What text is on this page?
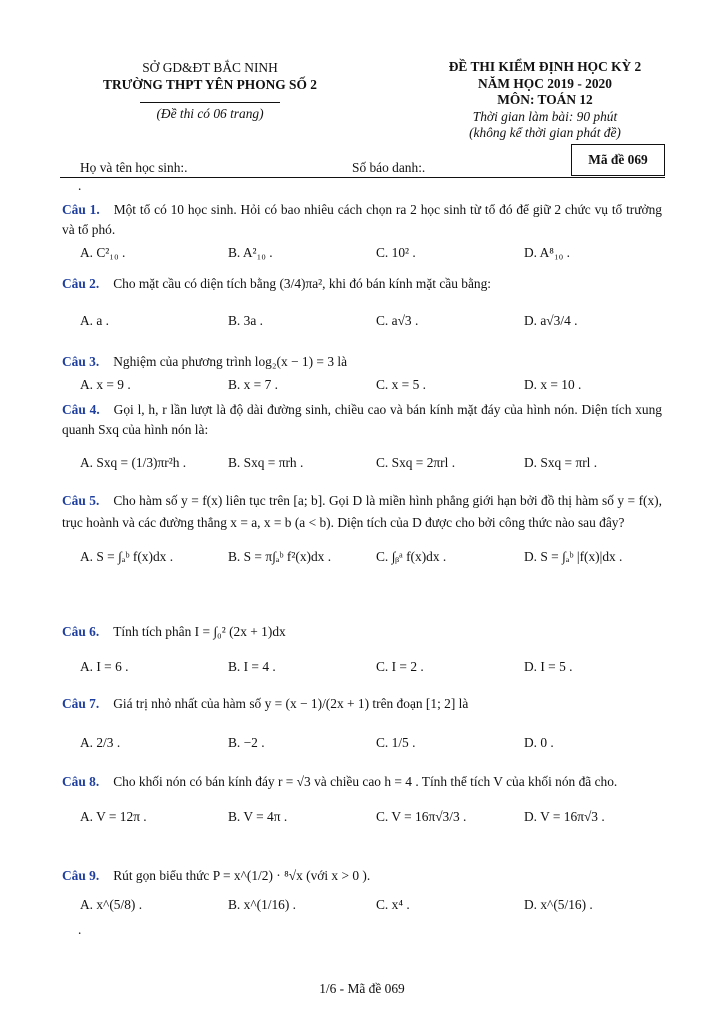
SỞ GD&ĐT BẮC NINH
TRƯỜNG THPT YÊN PHONG SỐ 2
(Đề thi có 06 trang)
ĐỀ THI KIỂM ĐỊNH HỌC KỲ 2
NĂM HỌC 2019 - 2020
MÔN: TOÁN 12
Thời gian làm bài: 90 phút
(không kể thời gian phát đề)
Họ và tên học sinh:.	Số báo danh:.
Mã đề 069
.
Câu 1. Một tổ có 10 học sinh. Hỏi có bao nhiêu cách chọn ra 2 học sinh từ tổ đó để giữ 2 chức vụ tổ trưởng và tổ phó.
A. C²₁₀ .	B. A²₁₀ .	C. 10² .	D. A⁸₁₀ .
Câu 2. Cho mặt cầu có diện tích bằng (3/4)πa², khi đó bán kính mặt cầu bằng:
A. a .	B. 3a .	C. a√3 .	D. a√3/4 .
Câu 3. Nghiệm của phương trình log₂(x − 1) = 3 là
A. x = 9 .	B. x = 7 .	C. x = 5 .	D. x = 10 .
Câu 4. Gọi l, h, r lần lượt là độ dài đường sinh, chiều cao và bán kính mặt đáy của hình nón. Diện tích xung quanh Sxq của hình nón là:
A. Sxq = (1/3)πr²h .	B. Sxq = πrh .	C. Sxq = 2πrl .	D. Sxq = πrl .
Câu 5. Cho hàm số y = f(x) liên tục trên [a; b]. Gọi D là miền hình phẳng giới hạn bởi đồ thị hàm số y = f(x), trục hoành và các đường thẳng x = a, x = b (a < b). Diện tích của D được cho bởi công thức nào sau đây?
A. S = ∫ₐᵇ f(x)dx .	B. S = π∫ₐᵇ f²(x)dx .	C. ∫ᵦᵃ f(x)dx .	D. S = ∫ₐᵇ |f(x)|dx .
Câu 6. Tính tích phân I = ∫₀² (2x + 1)dx
A. I = 6 .	B. I = 4 .	C. I = 2 .	D. I = 5 .
Câu 7. Giá trị nhỏ nhất của hàm số y = (x − 1)/(2x + 1) trên đoạn [1; 2] là
A. 2/3 .	B. −2 .	C. 1/5 .	D. 0 .
Câu 8. Cho khối nón có bán kính đáy r = √3 và chiều cao h = 4 . Tính thể tích V của khối nón đã cho.
A. V = 12π .	B. V = 4π .	C. V = 16π√3/3 .	D. V = 16π√3 .
Câu 9. Rút gọn biểu thức P = x^(1/2) · ⁸√x (với x > 0 ).
A. x^(5/8) .	B. x^(1/16) .	C. x⁴ .	D. x^(5/16) .
.
1/6 - Mã đề 069
